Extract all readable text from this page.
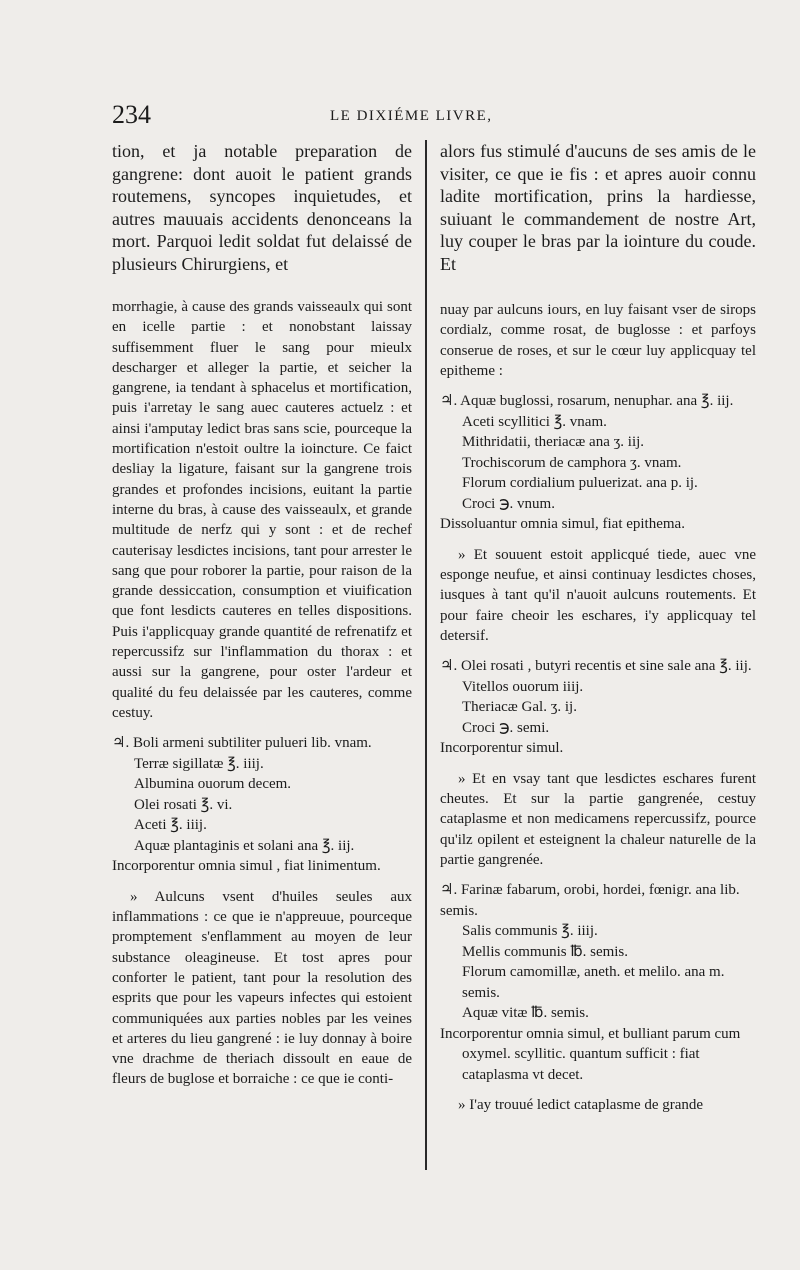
234	LE DIXIÉME LIVRE,

tion, et ja notable preparation de gangrene: dont auoit le patient grands routemens, syncopes inquietudes, et autres mauuais accidents denonceans la mort. Parquoi ledit soldat fut delaissé de plusieurs Chirurgiens, et

morrhagie, à cause des grands vaisseaulx qui sont en icelle partie : et nonobstant laissay suffisemment fluer le sang pour mieulx descharger et alleger la partie, et seicher la gangrene, ia tendant à sphacelus et mortification, puis i'arretay le sang auec cauteres actuelz : et ainsi i'amputay ledict bras sans scie, pourceque la mortification n'estoit oultre la ioincture. Ce faict desliay la ligature, faisant sur la gangrene trois grandes et profondes incisions, euitant la partie interne du bras, à cause des vaisseaulx, et grande multitude de nerfz qui y sont : et de rechef cauterisay lesdictes incisions, tant pour arrester le sang que pour roborer la partie, pour raison de la grande dessiccation, consumption et viuification que font lesdicts cauteres en telles dispositions. Puis i'applicquay grande quantité de refrenatifz et repercussifz sur l'inflammation du thorax : et aussi sur la gangrene, pour oster l'ardeur et qualité du feu delaissée par les cauteres, comme cestuy.

♃. Boli armeni subtiliter pulueri lib. vnam.
Terræ sigillatæ ℥. iiij.
Albumina ouorum decem.
Olei rosati ℥. vi.
Aceti ℥. iiij.
Aquæ plantaginis et solani ana ℥. iij.

Incorporentur omnia simul , fiat linimentum.

» Aulcuns vsent d'huiles seules aux inflammations : ce que ie n'appreuue, pourceque promptement s'enflamment au moyen de leur substance oleagineuse. Et tost apres pour conforter le patient, tant pour la resolution des esprits que pour les vapeurs infectes qui estoient communiquées aux parties nobles par les veines et arteres du lieu gangrené : ie luy donnay à boire vne drachme de theriach dissoult en eaue de fleurs de buglose et borraiche : ce que ie conti-

alors fus stimulé d'aucuns de ses amis de le visiter, ce que ie fis : et apres auoir connu ladite mortification, prins la hardiesse, suiuant le commandement de nostre Art, luy couper le bras par la iointure du coude. Et

nuay par aulcuns iours, en luy faisant vser de sirops cordialz, comme rosat, de buglosse : et parfoys conserue de roses, et sur le cœur luy applicquay tel epitheme :

♃. Aquæ buglossi, rosarum, nenuphar. ana ℥. iij.
Aceti scyllitici ℥. vnam.
Mithridatii, theriacæ ana ʒ. iij.
Trochiscorum de camphora ʒ. vnam.
Florum cordialium puluerizat. ana p. ij.
Croci ℈. vnum.

Dissoluantur omnia simul, fiat epithema.

» Et souuent estoit applicqué tiede, auec vne esponge neufue, et ainsi continuay lesdictes choses, iusques à tant qu'il n'auoit aulcuns routements. Et pour faire cheoir les eschares, i'y applicquay tel detersif.

♃. Olei rosati , butyri recentis et sine sale ana ℥. iij.
Vitellos ouorum iiij.
Theriacæ Gal. ʒ. ij.
Croci ℈. semi.

Incorporentur simul.

» Et en vsay tant que lesdictes eschares furent cheutes. Et sur la partie gangrenée, cestuy cataplasme et non medicamens repercussifz, pource qu'ilz opilent et esteignent la chaleur naturelle de la partie gangrenée.

♃. Farinæ fabarum, orobi, hordei, fœnigr. ana lib. semis.
Salis communis ℥. iiij.
Mellis communis ℔. semis.
Florum camomillæ, aneth. et melilo. ana m. semis.
Aquæ vitæ ℔. semis.

Incorporentur omnia simul, et bulliant parum cum oxymel. scyllitic. quantum sufficit : fiat cataplasma vt decet.

» I'ay trouué ledict cataplasme de grande
